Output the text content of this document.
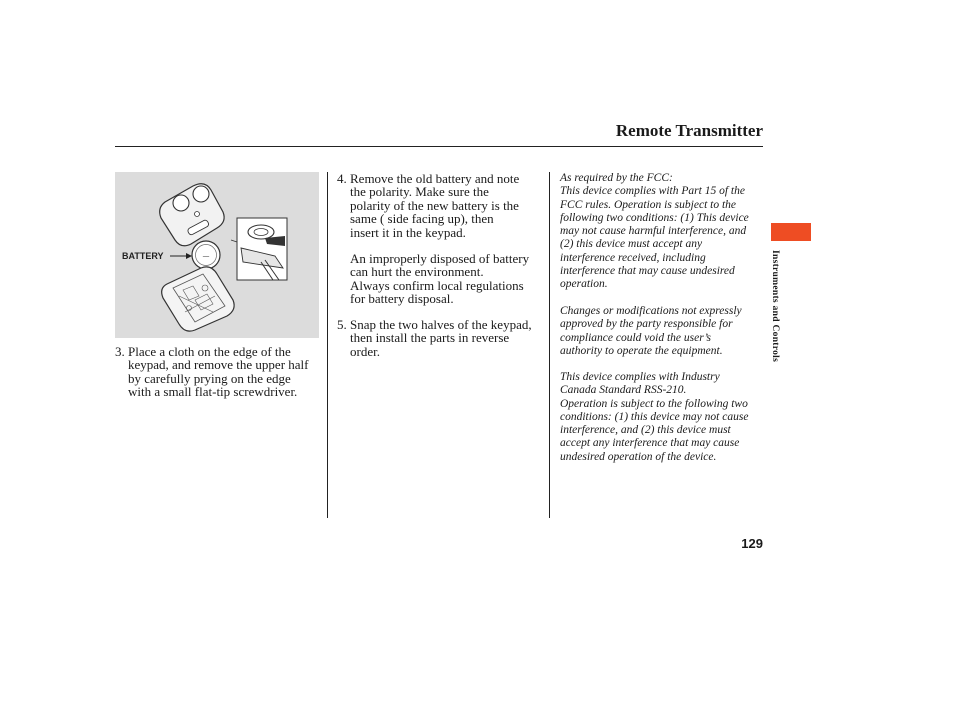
Remote Transmitter
—
BATTERY
3. Place a cloth on the edge of the
keypad, and remove the upper half
by carefully prying on the edge
with a small flat-tip screwdriver.
4. Remove the old battery and note
the polarity. Make sure the
polarity of the new battery is the
same ( side facing up), then
insert it in the keypad.
An improperly disposed of battery
can hurt the environment.
Always confirm local regulations
for battery disposal.
5. Snap the two halves of the keypad,
then install the parts in reverse
order.

As required by the FCC:
This device complies with Part 15 of the
FCC rules. Operation is subject to the
following two conditions: (1) This device
may not cause harmful interference, and
(2) this device must accept any
interference received, including
interference that may cause undesired
operation.

Changes or modifications not expressly
approved by the party responsible for
compliance could void the user’s
authority to operate the equipment.

This device complies with Industry
Canada Standard RSS-210.
Operation is subject to the following two
conditions: (1) this device may not cause
interference, and (2) this device must
accept any interference that may cause
undesired operation of the device.

Instruments and Controls
129
